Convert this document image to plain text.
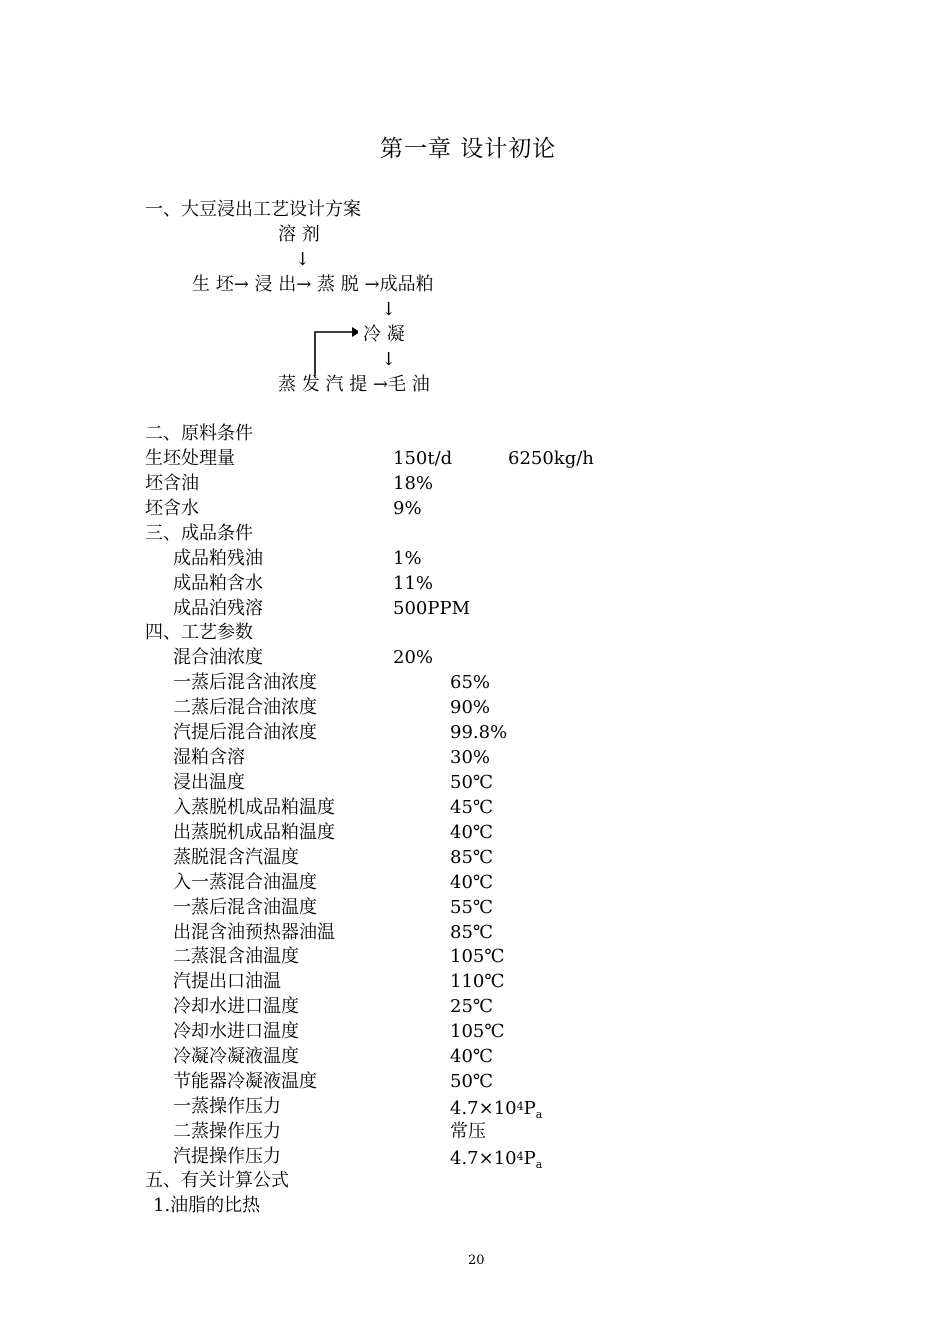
第一章 设计初论
一、大豆浸出工艺设计方案
溶 剂
↓
生 坯→ 浸 出→ 蒸 脱 →成品粕
↓
冷 凝
↓
蒸 发 汽 提 →毛 油
二、原料条件
生坯处理量	150t/d	6250kg/h
坯含油	18%
坯含水	9%
三、成品条件
成品粕残油	1%
成品粕含水	11%
成品泊残溶	500PPM
四、工艺参数
混合油浓度	20%
一蒸后混含油浓度	65%
二蒸后混合油浓度	90%
汽提后混合油浓度	99.8%
湿粕含溶	30%
浸出温度	50℃
入蒸脱机成品粕温度	45℃
出蒸脱机成品粕温度	40℃
蒸脱混含汽温度	85℃
入一蒸混合油温度	40℃
一蒸后混含油温度	55℃
出混含油预热器油温	85℃
二蒸混含油温度	105℃
汽提出口油温	110℃
冷却水进口温度	25℃
冷却水进口温度	105℃
冷凝冷凝液温度	40℃
节能器冷凝液温度	50℃
一蒸操作压力	$4.7\times 10^4P_a$
二蒸操作压力	常压
汽提操作压力	$4.7\times 10^4P_a$
五、有关计算公式
1.油脂的比热
20
